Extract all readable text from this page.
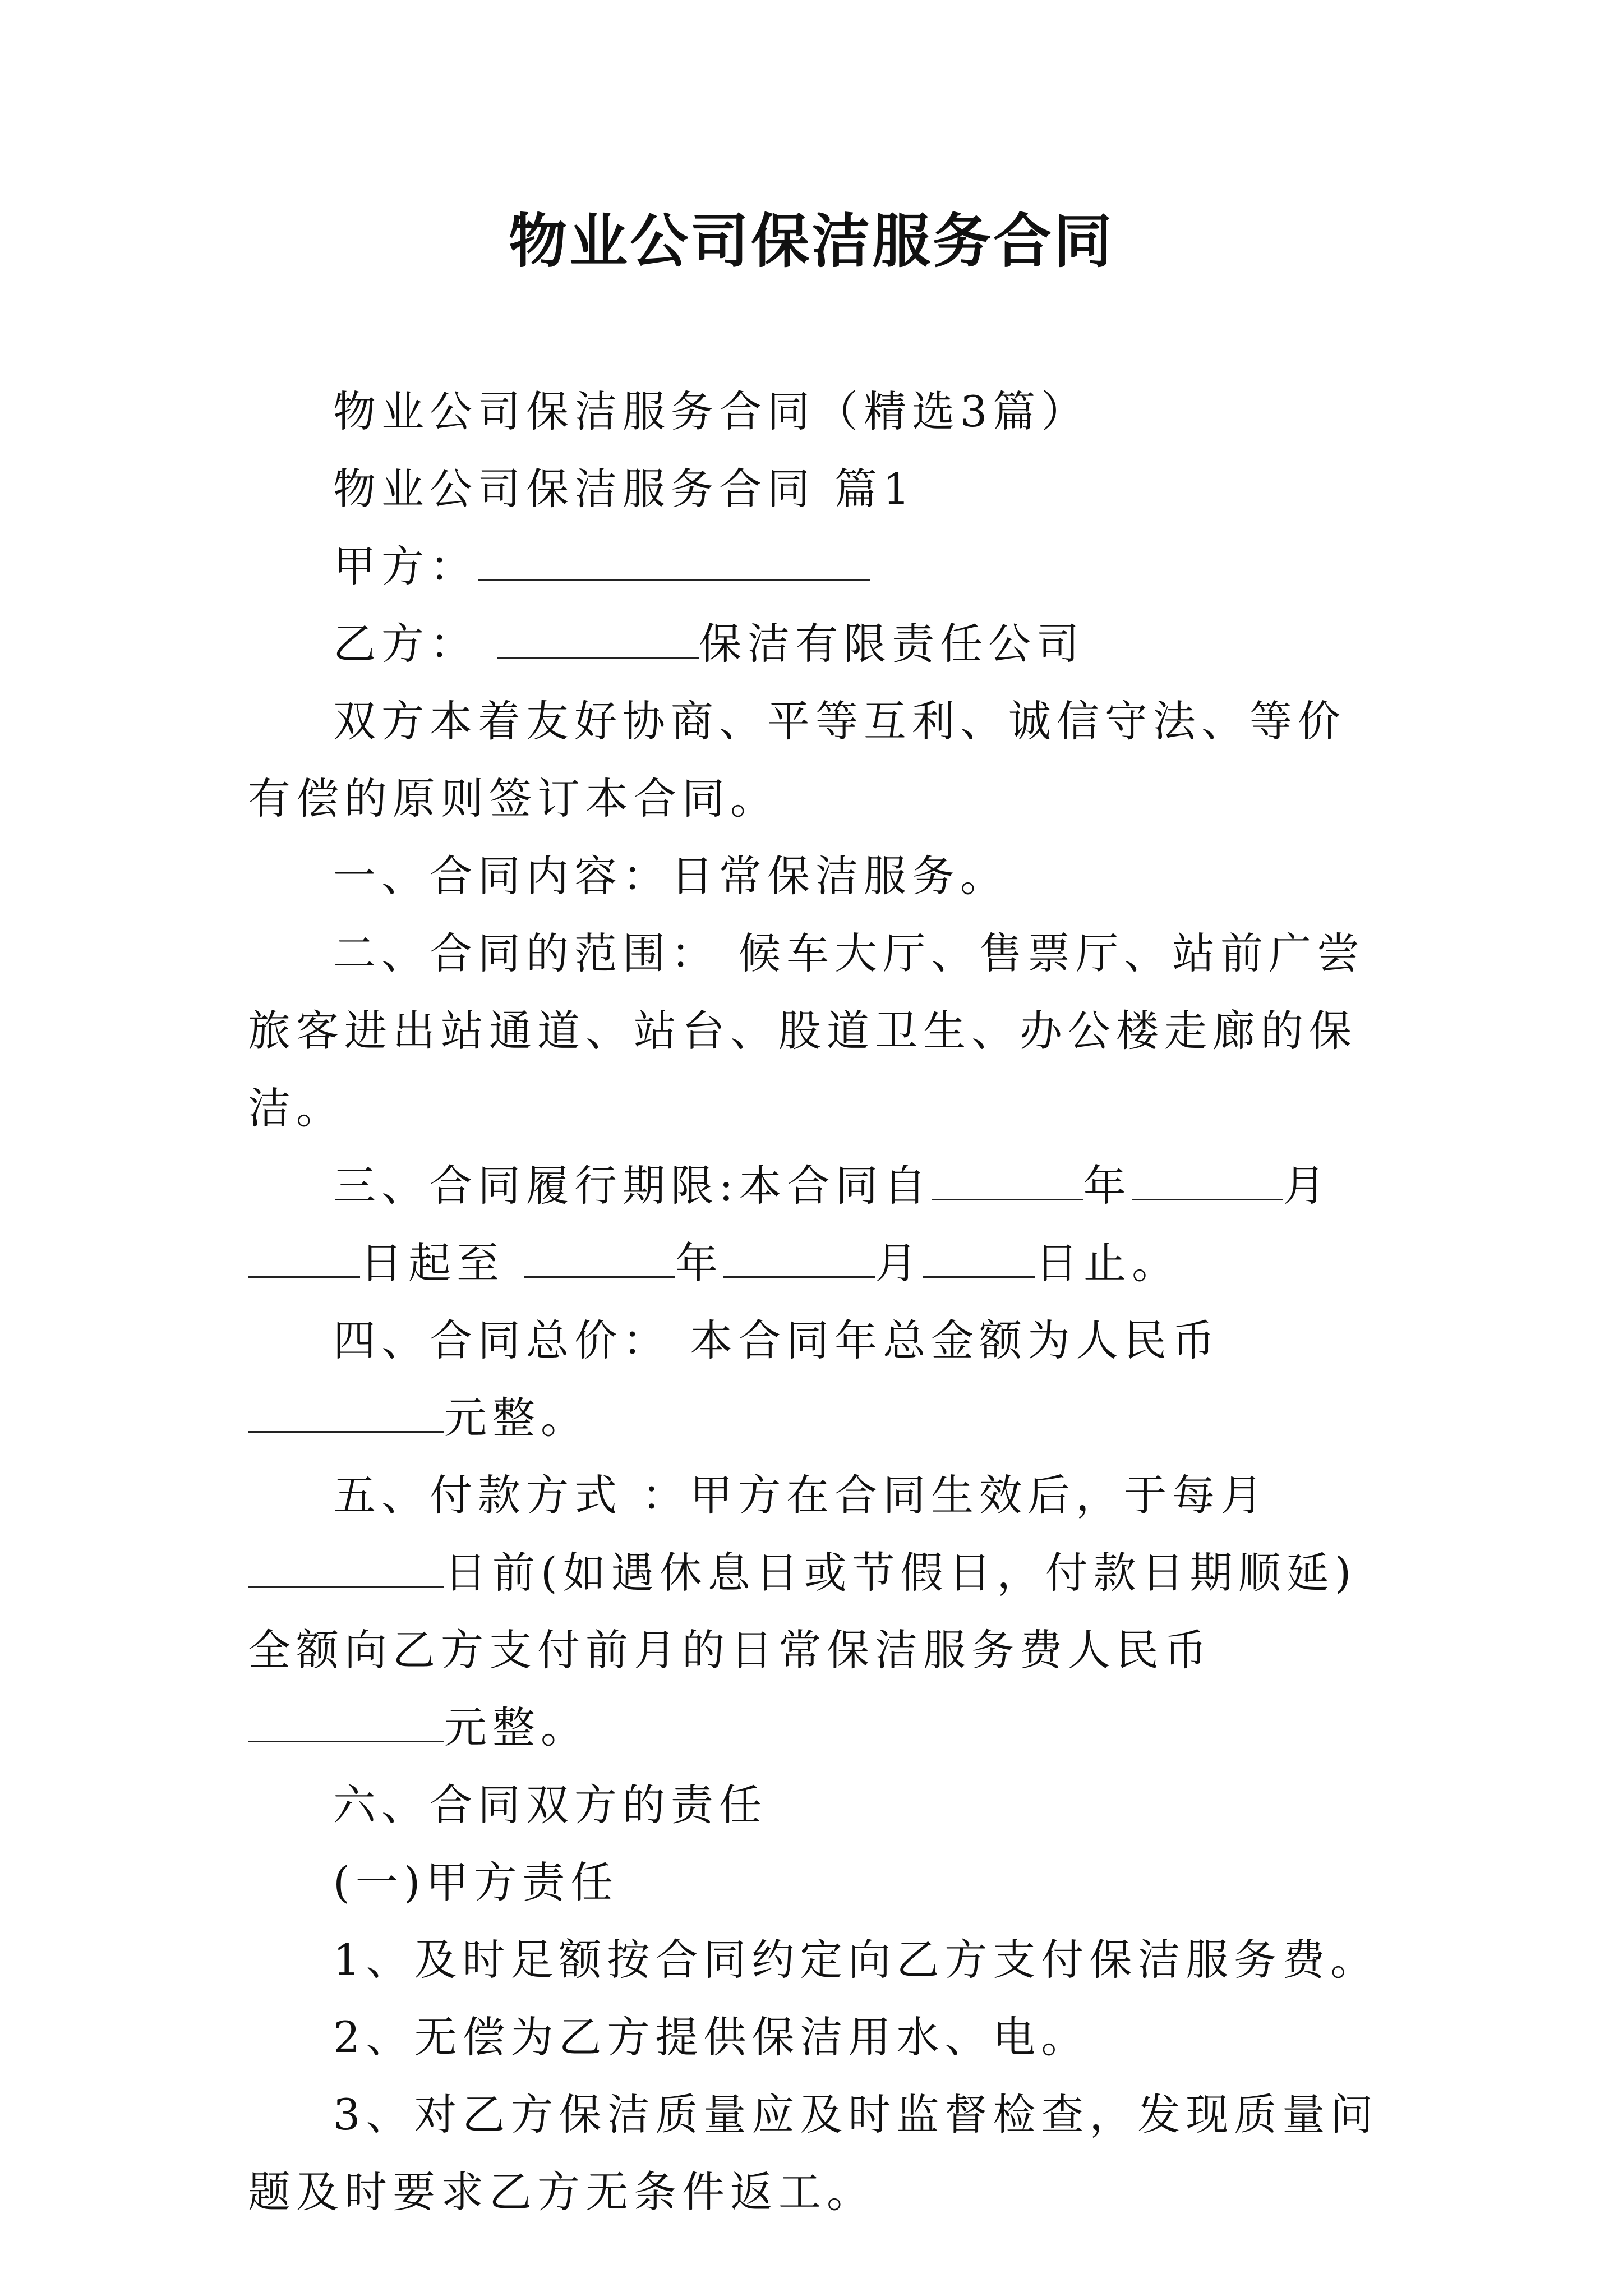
物业公司保洁服务合同

物业公司保洁服务合同（精选3篇）

物业公司保洁服务合同 篇1

甲方：

乙方：	保洁有限责任公司

双方本着友好协商、平等互利、诚信守法、等价有偿的原则签订本合同。

一、合同内容：日常保洁服务。

二、合同的范围： 候车大厅、售票厅、站前广尝旅客进出站通道、站台、股道卫生、办公楼走廊的保洁。

三、合同履行期限:本合同自	年	月日起至	年	月	日止。

四、合同总价： 本合同年总金额为人民币元整。

五、付款方式 ：甲方在合同生效后，于每月 日前(如遇休息日或节假日，付款日期顺延)全额向乙方支付前月的日常保洁服务费人民币元整。

六、合同双方的责任

(一)甲方责任

1、及时足额按合同约定向乙方支付保洁服务费。

2、无偿为乙方提供保洁用水、电。

3、对乙方保洁质量应及时监督检查，发现质量问题及时要求乙方无条件返工。
